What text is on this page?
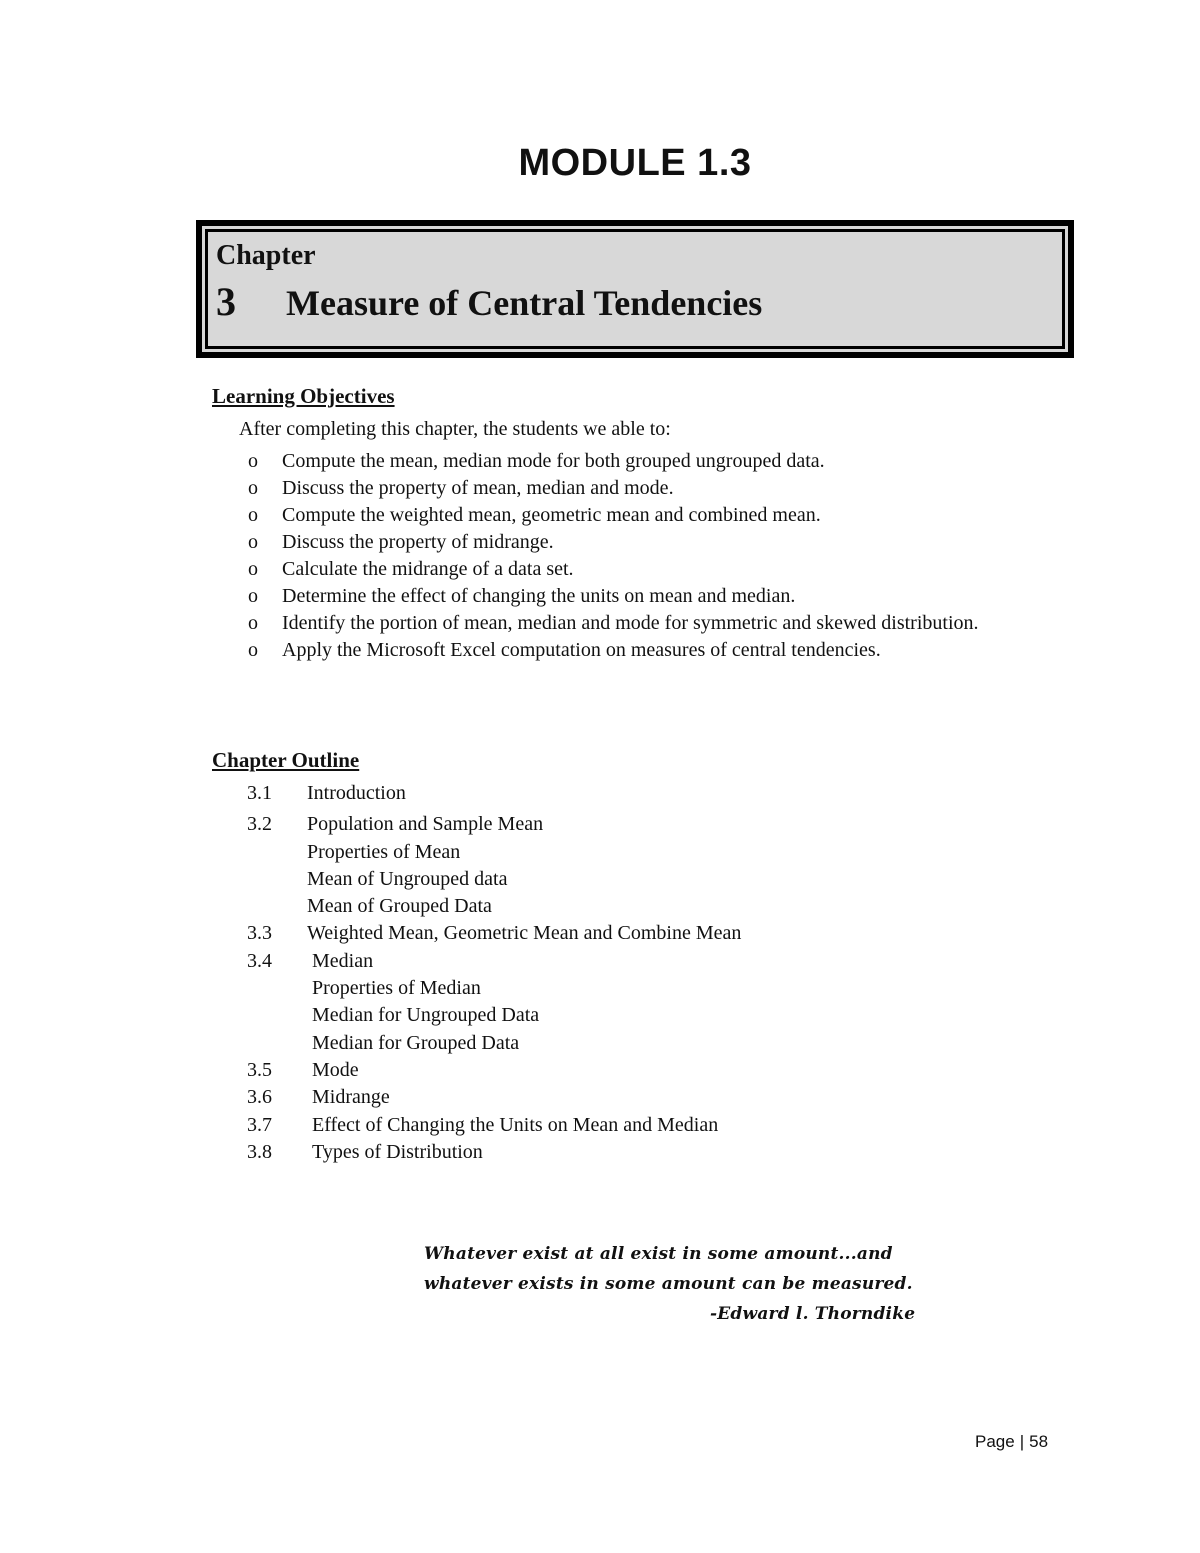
MODULE 1.3
Chapter
3 Measure of Central Tendencies
Learning Objectives
After completing this chapter, the students we able to:
o	Compute the mean, median mode for both grouped ungrouped data.
o	Discuss the property of mean, median and mode.
o	Compute the weighted mean, geometric mean and combined mean.
o	Discuss the property of midrange.
o	Calculate the midrange of a data set.
o	Determine the effect of changing the units on mean and median.
o	Identify the portion of mean, median and mode for symmetric and skewed distribution.
o	Apply the Microsoft Excel computation on measures of central tendencies.
Chapter Outline
3.1 Introduction
3.2 Population and Sample Mean
Properties of Mean
Mean of Ungrouped data
Mean of Grouped Data
3.3 Weighted Mean, Geometric Mean and Combine Mean
3.4 Median
Properties of Median
Median for Ungrouped Data
Median for Grouped Data
3.5 Mode
3.6 Midrange
3.7 Effect of Changing the Units on Mean and Median
3.8 Types of Distribution
Whatever exist at all exist in some amount...and
whatever exists in some amount can be measured.
-Edward l. Thorndike
Page | 58
